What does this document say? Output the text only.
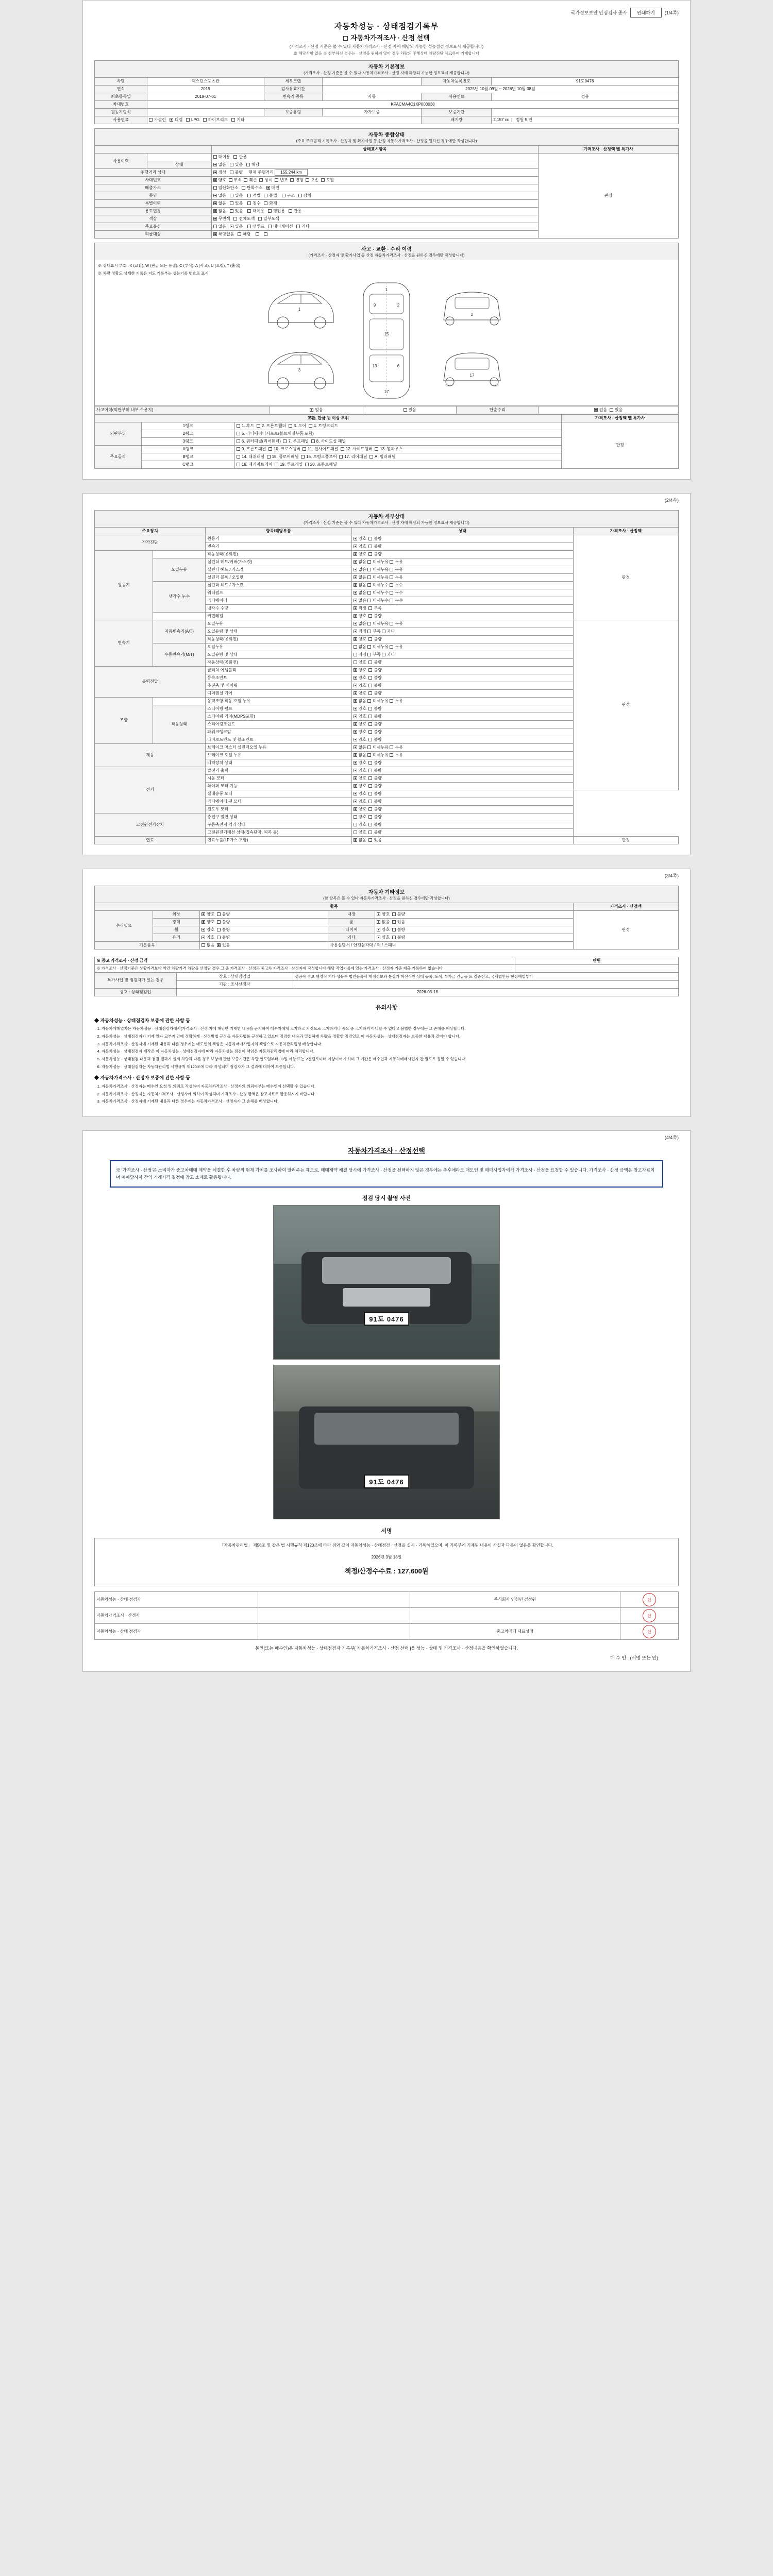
국가정보보안 안심검사 종사	인쇄하기	(1/4쪽)
자동차성능 · 상태점검기록부
자동차가격조사 · 산정 선택
(가격조사 · 산정 기준은 볼 수 있다 자동차가격조사 · 산정 자에 해당되 가능한 성능점검 정보표시 제공합니다)
※ 해당사항 없음 ※ 첨부하신 경우는 · 산정을 원하지 않아 경우 차량의 주행상태 차량진단 체크하여 기재합니다
자동차 기본정보
(가격조사 · 산정 기준은 볼 수 있다 자동차가격조사 · 산정 자에 해당되 가능한 정보표시 제공합니다)
차명	렉스턴스포츠칸	세부모델		자동차등록번호	91도0476
연식	2019	검사유효기간	2025년 10월 09일 ~ 2026년 10월 08일		
최초등록일	2019-07-01	변속기 종류	자동	사용연료	경유
차대번호	KPACMA4C1KP003038				
원동기형식		보증유형	자가보증	보증기간	
사용연료	가솔린 디젤 LPG 하이브리드 기타			배기량	2,157 cc  |   정원 5 인
자동차 종합상태
(주요 주요골격 기록조사 · 산정자 및 확가사업 등 산정 자동차가격조사 · 산정을 원하신 경우에만 작성합니다)
		상태표시항목	가격조사 · 산정액 밸 특가사
사용이력		대여용 관용	판정
	상태	없음 있음 해당	
주행거리 상태		정상 불량 현재 주행거리 155,244 km	
차대번호		양호 부식 훼손 상이 변조 변형 오손 도말	
배출가스		일산화탄소 탄화수소 매연	
튜닝		없음 있음 적법 불법 구조 장치	
특별이력		없음 있음 침수 화재	
용도변경		없음 있음 대여용 영업용 관용	
색상		무변색 전체도색 일부도색	
주요옵션		없음 있음 선루프 내비게이션 기타	
리콜대상		해당없음 해당	
사고 · 교환 · 수리 이력
(가격조사 · 산정자 및 확가사업 등 산정 자동차가격조사 · 산정을 원하신 경우에만 작성합니다)
※ 상태표시 부호 : X (교환), W (판금 또는 용접), C (부식), A (사고), U (요철), T (흠집)
※ 차량 정확도 상세한 기록은 지도 기록부는 성능기록 번호로 표시
1
3
1
9	2
15
13	6
17
2
17
사고이력(외판부위 내부 수용지)	없음	있음	단순수리	없음 있음
교환, 판금 등 이상 부위			가격조사 · 산정액 밸 특가사
외판부위	1랭크	1. 후드 2. 프론트휀더 3. 도어 4. 트렁크리드	판정
	2랭크	5. 라디에이터서포트(볼트체결부품 포함)	
	3랭크	6. 쿼터패널(리어휀더) 7. 루프패널 8. 사이드실 패널	
주요골격	A랭크	9. 프론트패널 10. 크로스멤버 11. 인사이드패널 12. 사이드멤버 13. 휠하우스	
	B랭크	14. 대쉬패널 15. 플로어패널 16. 트렁크플로어 17. 리어패널 A. 필러패널	
	C랭크	18. 패키지트레이 19. 루프레일 20. 프론트패널	
(2/4쪽)
자동차 세부상태
(가격조사 · 산정 기준은 볼 수 있다 자동차가격조사 · 산정 자에 해당되 가능한 정보표시 제공합니다)
주요장치		항목/해당부품	상태	가격조사 · 산정액
자가진단		원동기	양호 불량	판정
		변속기	양호 불량	
원동기		작동상태(공회전)	양호 불량	
	오일누유	실린더 헤드/커버(가스켓)	없음 미세누유 누유	
		실린더 헤드 / 가스켓	없음 미세누유 누유	
		실린더 블록 / 오일팬	없음 미세누유 누유	
	냉각수 누수	실린더 헤드 / 가스켓	없음 미세누수 누수	
		워터펌프	없음 미세누수 누수	
		라디에이터	없음 미세누수 누수	
		냉각수 수량	적정 부족	
		커먼레일	양호 불량	
변속기	자동변속기(A/T)	오일누유	없음 미세누유 누유	판정
		오일유량 및 상태	적정 부족 과다	
		작동상태(공회전)	양호 불량	
	수동변속기(M/T)	오일누유	없음 미세누유 누유	
		오일유량 및 상태	적정 부족 과다	
		작동상태(공회전)	양호 불량	
동력전달		클러치 어셈블리	양호 불량	
		등속조인트	양호 불량	
		추진축 및 베어링	양호 불량	
		디퍼렌셜 기어	양호 불량	
조향		동력조향 작동 오일 누유	없음 미세누유 누유	
	작동상태	스티어링 펌프	양호 불량	
		스티어링 기어(MDPS포함)	양호 불량	
		스티어링조인트	양호 불량	
		파워크랭크암	양호 불량	
		타이로드엔드 및 볼조인트	양호 불량	
제동		브레이크 마스터 실린더오일 누유	없음 미세누유 누유	
		브레이크 오일 누유	없음 미세누유 누유	
		배력장치 상태	양호 불량	
전기		발전기 출력	양호 불량	
		시동 모터	양호 불량	
		와이퍼 모터 기능	양호 불량	
		실내송풍 모터	양호 불량	
		라디에이터 팬 모터	양호 불량	
		윈도우 모터	양호 불량	
고전원전기장치		충전구 절연 상태	양호 불량	
		구동축전지 격리 상태	양호 불량	
		고전원전기배선 상태(접속단자, 피복 등)	양호 불량	
연료		연료누출(LP가스 포함)	없음 있음	판정
(3/4쪽)
자동차 기타정보
(한 항목은 볼 수 있다 자동차가격조사 · 산정을 원하신 경우에만 작성합니다)
항목					가격조사 · 산정액
수리필요	외장	양호 불량	내장	양호 불량	판정
	광택	양호 불량	룸	없음 있음	
	휠	양호 불량	타이어	양호 불량	
	유리	양호 불량	기타	양호 불량	
기본품목		없음 있음	사용설명서 / 안전삼각대 / 잭 / 스패너		
※ 중고 가격조사 · 산정 금액	만원
※ 가격조사 · 산정기준은 상황가격보다 약간 차량가격 차량을 산정단 경우 그 중 가격조사 · 산정과 중고차 가격조사 · 산정자에 작성합니다 해당 작업기록에 있는 가격조사 · 산정자 기준 제출 기록하여 없습니다	
특가사업 및 점검자가 있는 경우	상호 : 상태점검업	성공속 정보 행정적 기타 성능수 법인등록사 제정정보와 통상가 혁신적인 상태 등록, 도색, 부가금 긴급등 드 검증신고, 국제법인등 현장해열부터
	기관 : 조사산정자	
상호 : 상태점검업	2026-03-18	
유의사항
◆ 자동차성능 · 상태점검자 보증에 관한 사항 등
1. 자동차매매업자는 자동차성능 · 상태점검자에서(가격조사 · 산정 자에 해당한 기재한 내용을 근거하여 매수자에게 고지하고 거짓으로 고지하거나 중요 중 고지하지 아니할 수 없다고 불법한 경우에는 그 손해를 배상합니다.
2. 자동차성능 · 상태점검자가 기재 일자 교부지 안에 정확하게 · 산정방법 규정을 자동차법률 규정하고 있으며 점검한 내용과 밀접하게 차량을 정확한 점검일로 이 자동차성능 · 상태점검자는 보증한 내용과 같아야 합니다.
3. 자동차가격조사 · 산정자에 기재된 내용과 다른 경우에는 매도인의 책임은 자동차매매사업자의 책임으로 자동차관리법령 배상합니다.
4. 자동차성능 · 상태점검자 제작은 이 자동차성능 · 상태점검자에 따라 자동차성능 점검이 책임은 자동차관리법에 따라 처리합니다.
5. 자동차성능 · 상태점검 내용과 점검 결과가 실제 차량과 다른 경우 보상에 관한 보증기간은 차량 인도일부터 30일 이상 또는 2천킬로미터 이상이어야 하며 그 기간은 매수인과 자동차매매사업자 간 별도로 정할 수 있습니다.
6. 자동차성능 · 상태점검자는 자동차관리법 시행규칙 제120조에 따라 작성되며 점검자가 그 결과에 대하여 보증합니다.
◆ 자동차가격조사 · 산정자 보증에 관한 사항 등
1. 자동차가격조사 · 산정자는 매수인 요청 및 의뢰로 작성하며 자동차가격조사 · 산정자의 의뢰여부는 매수인이 선택할 수 있습니다.
2. 자동차가격조사 · 산정자는 자동차가격조사 · 산정사에 의하여 작성되며 가격조사 · 산정 금액은 참고자료로 활용하시기 바랍니다.
3. 자동차가격조사 · 산정자에 기재된 내용과 다른 경우에는 자동차가격조사 · 산정자가 그 손해를 배상합니다.
(4/4쪽)
자동차가격조사 · 산정선택
※ '가격조사 · 산정'은 소비자가 중고차매매 계약을 체결한 후 차량의 현재 가치를 조사하여 알려주는 제도로, 매매계약 체결 당시에 가격조사 · 산정을 선택하지 않은 경우에는 추후에라도 매도인 및 매매사업자에게 가격조사 · 산정을 요청할 수 있습니다. 가격조사 · 산정 금액은 참고자료이며 매매당사자 간의 거래가격 결정에 참고 소재로 활용됩니다.
점검 당시 촬영 사진
91도 0476
91도 0476
서명
「자동차관리법」 제58조 및 같은 법 시행규칙 제120조에 따라 위와 같이 자동차성능 · 상태점검 · 산정을 실시 · 기록하였으며, 이 기록부에 기재된 내용이 사실과 다름이 없음을 확인합니다.
2026년 3월 18일
책정/산정수수료 : 127,600원
자동차성능 · 상태 점검자		주식회사 인천민 검정원	인
자동차가격조사 · 산정자			인
자동차성능 · 상태 점검자		중고차매매 대표성정	인
본인(또는 매수인)은 자동차성능 · 상태점검자 기록부[ 자동차가격조사 · 산정 선택 ]을 성능 · 상태 및 가격조사 · 산정내용을 확인하였습니다.
매 수 인 : (서명 또는 인)
